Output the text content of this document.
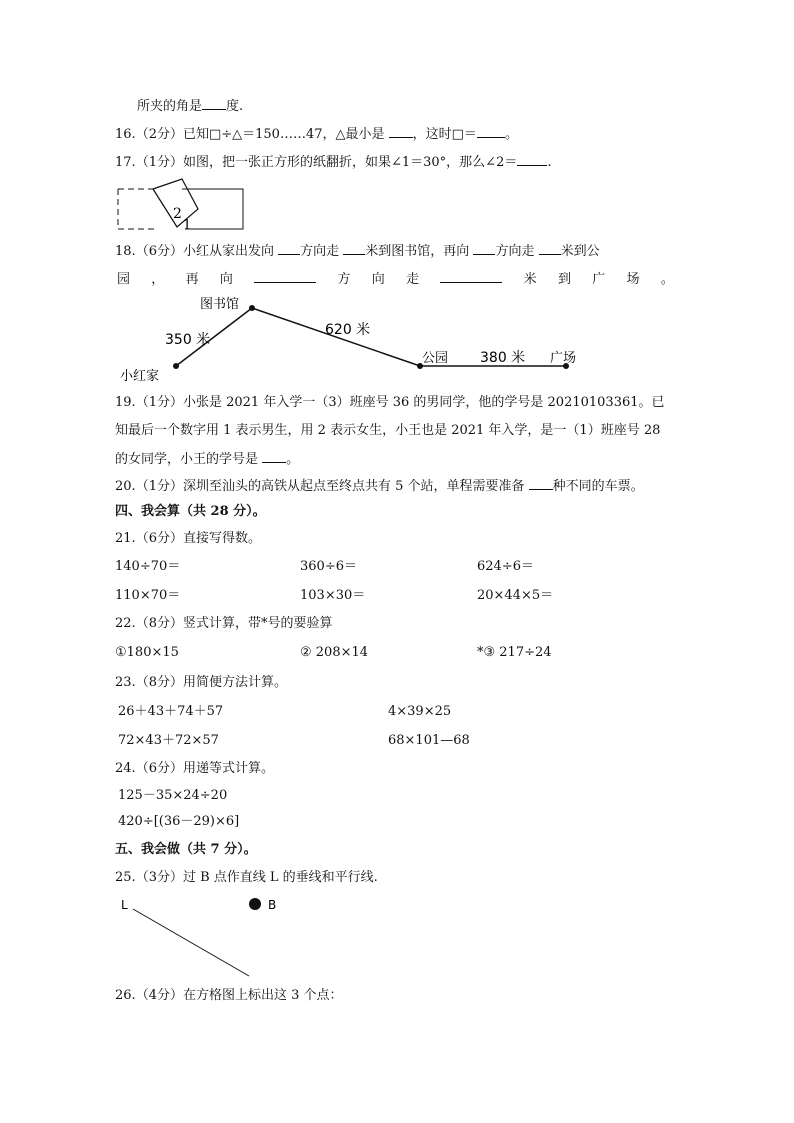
所夹的角是 度.
16.（2分）已知□÷△＝150……47，△最小是 ，这时□＝ 。
17.（1分）如图，把一张正方形的纸翻折，如果∠1＝30°，那么∠2＝ .
2
1
18.（6分）小红从家出发向 方向走 米到图书馆，再向 方向走 米到公
园 ， 再 向	方 向 走	米 到 广 场 。
图书馆
小红家
公园	广场
350 米
620 米
380 米
19.（1分）小张是 2021 年入学一（3）班座号 36 的男同学，他的学号是 20210103361。已
知最后一个数字用 1 表示男生，用 2 表示女生，小王也是 2021 年入学，是一（1）班座号 28
的女同学，小王的学号是 。
20.（1分）深圳至汕头的高铁从起点至终点共有 5 个站，单程需要准备 种不同的车票。
四、我会算（共 28 分）。
21.（6分）直接写得数。
140÷70＝	360÷6＝	624÷6＝
110×70＝	103×30＝	20×44×5＝
22.（8分）竖式计算，带*号的要验算
①180×15	② 208×14	*③ 217÷24
23.（8分）用简便方法计算。
26＋43＋74＋57	4×39×25
72×43＋72×57	68×101—68
24.（6分）用递等式计算。
125－35×24÷20
420÷[(36－29)×6]
五、我会做（共 7 分）。
25.（3分）过 B 点作直线 L 的垂线和平行线.
L	B
26.（4分）在方格图上标出这 3 个点：
